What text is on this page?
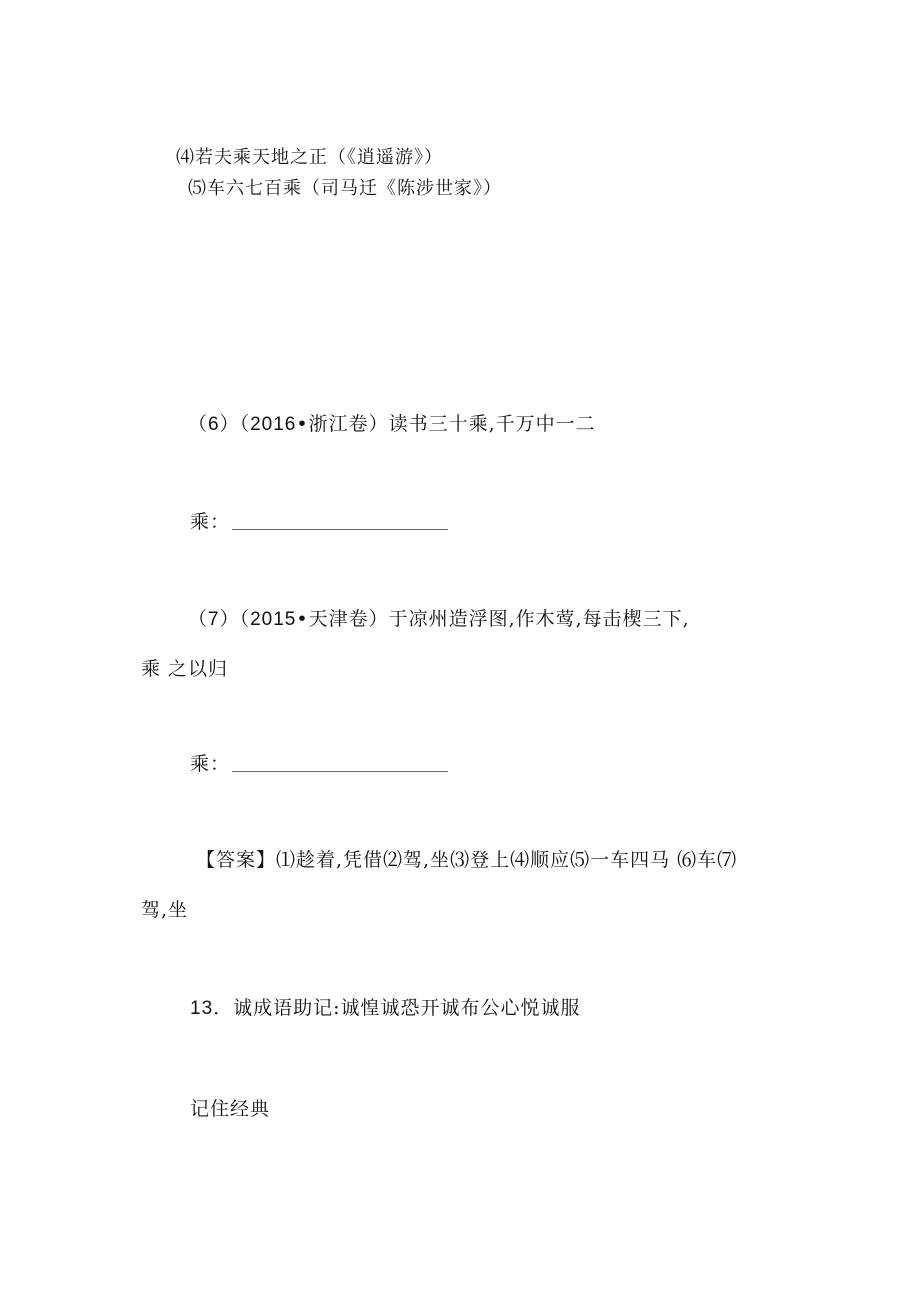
⑷若夫乘天地之正（《逍遥游》）
⑸车六七百乘（司马迁《陈涉世家》）
（6）（2016•浙江卷）读书三十乘,千万中一二
乘：
（7）（2015•天津卷）于凉州造浮图,作木莺,每击楔三下,
乘 之以归
乘：
【答案】⑴趁着,凭借⑵驾,坐⑶登上⑷顺应⑸一车四马 ⑹车⑺
驾,坐
13．诚成语助记:诚惶诚恐开诚布公心悦诚服
记住经典
